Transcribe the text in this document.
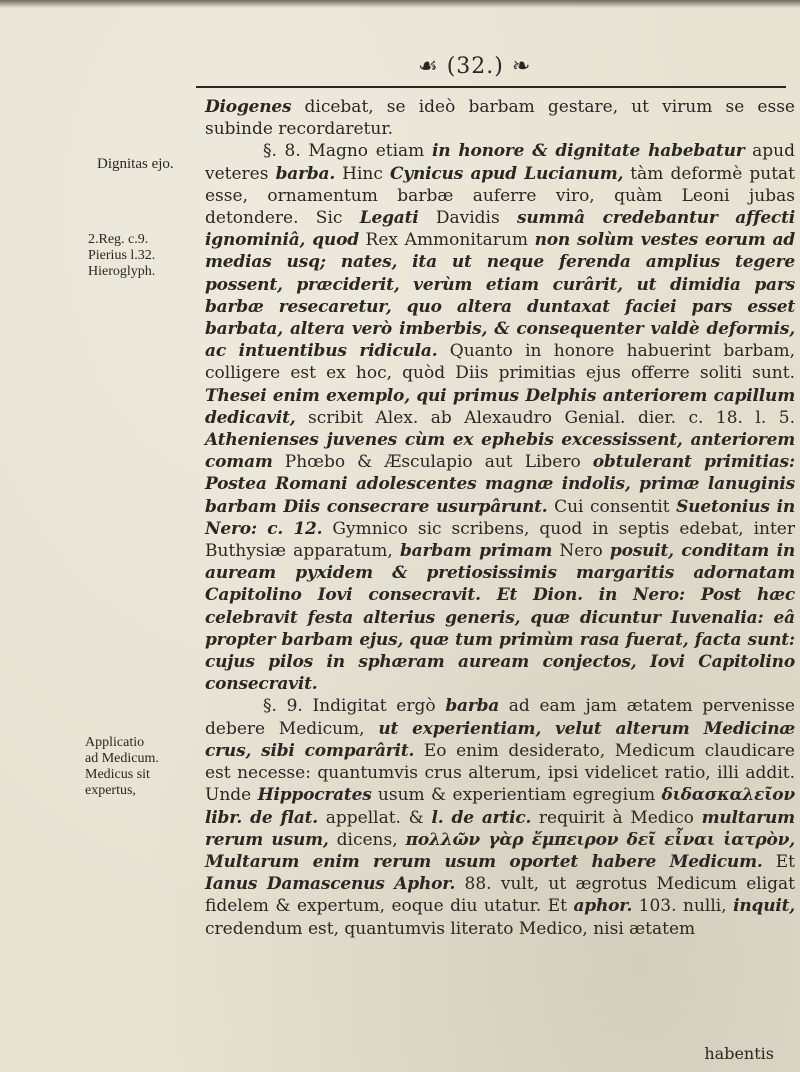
☙ (32.) ❧
Dignitas ejo.
2.Reg. c.9.
Pierius l.32.
Hieroglyph.
Applicatio
ad Medicum.
Medicus sit
expertus,

Diogenes dicebat, se ideò barbam gestare, ut virum se esse subinde recordaretur.

§. 8. Magno etiam in honore & dignitate habebatur apud veteres barba. Hinc Cynicus apud Lucianum, tàm deformè putat esse, ornamentum barbæ auferre viro, quàm Leoni jubas detondere. Sic Legati Davidis summâ credebantur affecti ignominiâ, quod Rex Ammonitarum non solùm vestes eorum ad medias usq; nates, ita ut neque ferenda amplius tegere possent, præciderit, verùm etiam curârit, ut dimidia pars barbæ resecaretur, quo altera duntaxat faciei pars esset barbata, altera verò imberbis, & consequenter valdè deformis, ac intuentibus ridicula. Quanto in honore habuerint barbam, colligere est ex hoc, quòd Diis primitias ejus offerre soliti sunt. Thesei enim exemplo, qui primus Delphis anteriorem capillum dedicavit, scribit Alex. ab Alexaudro Genial. dier. c. 18. l. 5. Athenienses juvenes cùm ex ephebis excessissent, anteriorem comam Phœbo & Æsculapio aut Libero obtulerant primitias: Postea Romani adolescentes magnæ indolis, primæ lanuginis barbam Diis consecrare usurpârunt. Cui consentit Suetonius in Nero: c. 12. Gymnico sic scribens, quod in septis edebat, inter Buthysiæ apparatum, barbam primam Nero posuit, conditam in auream pyxidem & pretiosissimis margaritis adornatam Capitolino Iovi consecravit. Et Dion. in Nero: Post hæc celebravit festa alterius generis, quæ dicuntur Iuvenalia: eâ propter barbam ejus, quæ tum primùm rasa fuerat, facta sunt: cujus pilos in sphæram auream conjectos, Iovi Capitolino consecravit.

§. 9. Indigitat ergò barba ad eam jam ætatem pervenisse debere Medicum, ut experientiam, velut alterum Medicinæ crus, sibi comparârit. Eo enim desiderato, Medicum claudicare est necesse: quantumvis crus alterum, ipsi videlicet ratio, illi addit. Unde Hippocrates usum & experientiam egregium διδασκαλεῖον libr. de flat. appellat. & l. de artic. requirit à Medico multarum rerum usum, dicens, πολλῶν γὰρ ἔμπειρον δεῖ εἶναι ἰατρὸν, Multarum enim rerum usum oportet habere Medicum. Et Ianus Damascenus Aphor. 88. vult, ut ægrotus Medicum eligat fidelem & expertum, eoque diu utatur. Et aphor. 103. nulli, inquit, credendum est, quantumvis literato Medico, nisi ætatem

habentis
